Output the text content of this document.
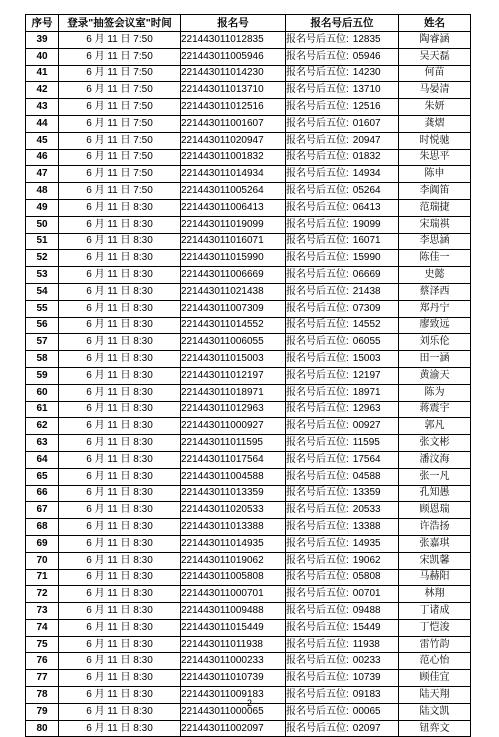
序号	登录"抽签会议室"时间	报名号	报名号后五位	姓名
39	6 月 11 日 7:50	221443011012835	报名号后五位: 12835	陶睿涵
40	6 月 11 日 7:50	221443011005946	报名号后五位: 05946	吴天磊
41	6 月 11 日 7:50	221443011014230	报名号后五位: 14230	何苗
42	6 月 11 日 7:50	221443011013710	报名号后五位: 13710	马晏清
43	6 月 11 日 7:50	221443011012516	报名号后五位: 12516	朱妍
44	6 月 11 日 7:50	221443011001607	报名号后五位: 01607	龚熠
45	6 月 11 日 7:50	221443011020947	报名号后五位: 20947	时悦驰
46	6 月 11 日 7:50	221443011001832	报名号后五位: 01832	朱思平
47	6 月 11 日 7:50	221443011014934	报名号后五位: 14934	陈申
48	6 月 11 日 7:50	221443011005264	报名号后五位: 05264	李阗笛
49	6 月 11 日 8:30	221443011006413	报名号后五位: 06413	范瑞捷
50	6 月 11 日 8:30	221443011019099	报名号后五位: 19099	宋瑞祺
51	6 月 11 日 8:30	221443011016071	报名号后五位: 16071	李思涵
52	6 月 11 日 8:30	221443011015990	报名号后五位: 15990	陈佳一
53	6 月 11 日 8:30	221443011006669	报名号后五位: 06669	史懿
54	6 月 11 日 8:30	221443011021438	报名号后五位: 21438	蔡泽西
55	6 月 11 日 8:30	221443011007309	报名号后五位: 07309	郑丹宁
56	6 月 11 日 8:30	221443011014552	报名号后五位: 14552	廖致远
57	6 月 11 日 8:30	221443011006055	报名号后五位: 06055	刘乐伦
58	6 月 11 日 8:30	221443011015003	报名号后五位: 15003	田一涵
59	6 月 11 日 8:30	221443011012197	报名号后五位: 12197	黄渝天
60	6 月 11 日 8:30	221443011018971	报名号后五位: 18971	陈为
61	6 月 11 日 8:30	221443011012963	报名号后五位: 12963	蒋震宇
62	6 月 11 日 8:30	221443011000927	报名号后五位: 00927	郭凡
63	6 月 11 日 8:30	221443011011595	报名号后五位: 11595	张文彬
64	6 月 11 日 8:30	221443011017564	报名号后五位: 17564	潘汶海
65	6 月 11 日 8:30	221443011004588	报名号后五位: 04588	张一凡
66	6 月 11 日 8:30	221443011013359	报名号后五位: 13359	孔知愚
67	6 月 11 日 8:30	221443011020533	报名号后五位: 20533	顾恩瑞
68	6 月 11 日 8:30	221443011013388	报名号后五位: 13388	许浩扬
69	6 月 11 日 8:30	221443011014935	报名号后五位: 14935	张嘉琪
70	6 月 11 日 8:30	221443011019062	报名号后五位: 19062	宋凯馨
71	6 月 11 日 8:30	221443011005808	报名号后五位: 05808	马赫阳
72	6 月 11 日 8:30	221443011000701	报名号后五位: 00701	林翔
73	6 月 11 日 8:30	221443011009488	报名号后五位: 09488	丁诸成
74	6 月 11 日 8:30	221443011015449	报名号后五位: 15449	丁恺浚
75	6 月 11 日 8:30	221443011011938	报名号后五位: 11938	雷竹韵
76	6 月 11 日 8:30	221443011000233	报名号后五位: 00233	范心怡
77	6 月 11 日 8:30	221443011010739	报名号后五位: 10739	顾佳宜
78	6 月 11 日 8:30	221443011009183	报名号后五位: 09183	陆天翔
79	6 月 11 日 8:30	221443011000065	报名号后五位: 00065	陆文凯
80	6 月 11 日 8:30	221443011002097	报名号后五位: 02097	钮弈文
2
